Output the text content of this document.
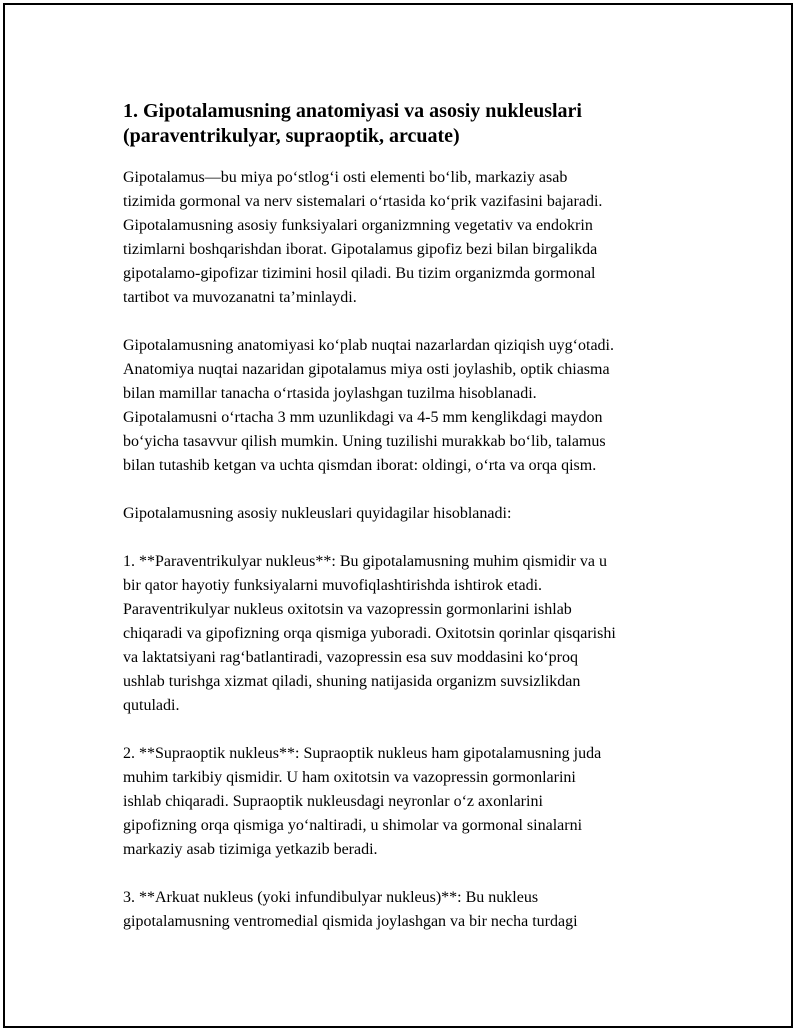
1. Gipotalamusning anatomiyasi va asosiy nukleuslari
(paraventrikulyar, supraoptik, arcuate)
Gipotalamus—bu miya po‘stlog‘i osti elementi bo‘lib, markaziy asab
tizimida gormonal va nerv sistemalari o‘rtasida ko‘prik vazifasini bajaradi.
Gipotalamusning asosiy funksiyalari organizmning vegetativ va endokrin
tizimlarni boshqarishdan iborat. Gipotalamus gipofiz bezi bilan birgalikda
gipotalamo-gipofizar tizimini hosil qiladi. Bu tizim organizmda gormonal
tartibot va muvozanatni ta’minlaydi.
Gipotalamusning anatomiyasi ko‘plab nuqtai nazarlardan qiziqish uyg‘otadi.
Anatomiya nuqtai nazaridan gipotalamus miya osti joylashib, optik chiasma
bilan mamillar tanacha o‘rtasida joylashgan tuzilma hisoblanadi.
Gipotalamusni o‘rtacha 3 mm uzunlikdagi va 4-5 mm kenglikdagi maydon
bo‘yicha tasavvur qilish mumkin. Uning tuzilishi murakkab bo‘lib, talamus
bilan tutashib ketgan va uchta qismdan iborat: oldingi, o‘rta va orqa qism.
Gipotalamusning asosiy nukleuslari quyidagilar hisoblanadi:
1. **Paraventrikulyar nukleus**: Bu gipotalamusning muhim qismidir va u
bir qator hayotiy funksiyalarni muvofiqlashtirishda ishtirok etadi.
Paraventrikulyar nukleus oxitotsin va vazopressin gormonlarini ishlab
chiqaradi va gipofizning orqa qismiga yuboradi. Oxitotsin qorinlar qisqarishi
va laktatsiyani rag‘batlantiradi, vazopressin esa suv moddasini ko‘proq
ushlab turishga xizmat qiladi, shuning natijasida organizm suvsizlikdan
qutuladi.
2. **Supraoptik nukleus**: Supraoptik nukleus ham gipotalamusning juda
muhim tarkibiy qismidir. U ham oxitotsin va vazopressin gormonlarini
ishlab chiqaradi. Supraoptik nukleusdagi neyronlar o‘z axonlarini
gipofizning orqa qismiga yo‘naltiradi, u shimolar va gormonal sinalarni
markaziy asab tizimiga yetkazib beradi.
3. **Arkuat nukleus (yoki infundibulyar nukleus)**: Bu nukleus
gipotalamusning ventromedial qismida joylashgan va bir necha turdagi
